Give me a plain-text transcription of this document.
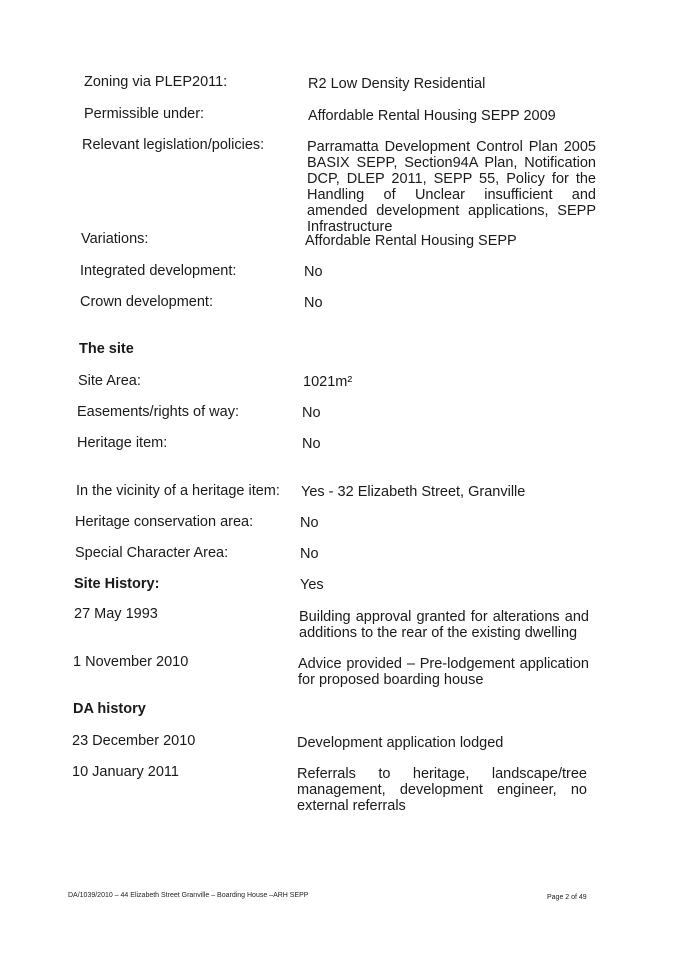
Zoning via PLEP2011:	R2 Low Density Residential
Permissible under:	Affordable Rental Housing SEPP 2009
Relevant legislation/policies:	Parramatta Development Control Plan 2005 BASIX SEPP, Section94A Plan, Notification DCP, DLEP 2011, SEPP 55, Policy for the Handling of Unclear insufficient and amended development applications, SEPP Infrastructure
Variations:	Affordable Rental Housing SEPP
Integrated development:	No
Crown development:	No
The site
Site Area:	1021m²
Easements/rights of way:	No
Heritage item:	No
In the vicinity of a heritage item: Yes - 32 Elizabeth Street, Granville
Heritage conservation area:	No
Special Character Area:	No
Site History:	Yes
27 May 1993	Building approval granted for alterations and additions to the rear of the existing dwelling
1 November 2010	Advice provided – Pre-lodgement application for proposed boarding house
DA history
23 December 2010	Development application lodged
10 January 2011	Referrals to heritage, landscape/tree management, development engineer, no external referrals
DA/1039/2010 – 44 Elizabeth Street Granville – Boarding House –ARH SEPP	Page 2 of 49
